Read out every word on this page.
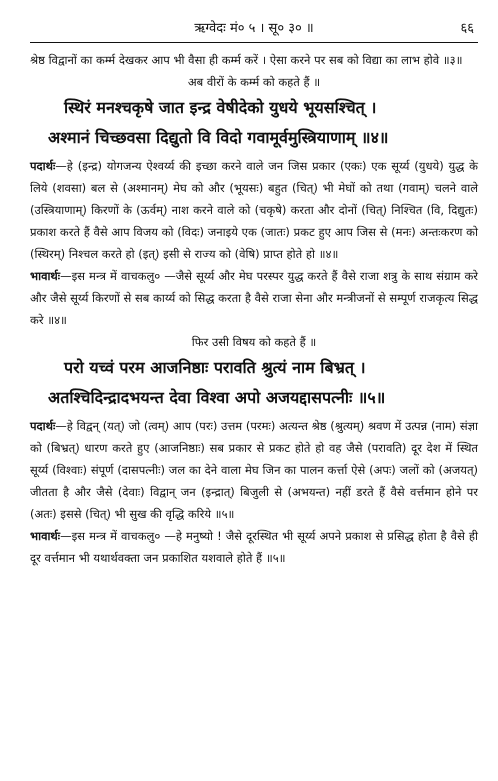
ऋग्वेदः मं० ५ । सू० ३० ॥	६६

श्रेष्ठ विद्वानों का कर्म्म देखकर आप भी वैसा ही कर्म्म करें । ऐसा करने पर सब को विद्या का लाभ होवे ॥३॥

अब वीरों के कर्म्म को कहते हैं ॥

स्थिरं मनश्चकृषे जात इन्द्र वेषीदेको युधये भूयसश्चित् ।
अश्मानं चिच्छवसा दिद्युतो वि विदो गवामूर्वमुस्त्रियाणाम् ॥४॥

पदार्थः—हे (इन्द्र) योगजन्य ऐश्वर्य्य की इच्छा करने वाले जन जिस प्रकार (एकः) एक सूर्य्य (युधये) युद्ध के लिये (शवसा) बल से (अश्मानम्) मेघ को और (भूयसः) बहुत (चित्) भी मेघों को तथा (गवाम्) चलने वाले (उस्त्रियाणाम्) किरणों के (ऊर्वम्) नाश करने वाले को (चकृषे) करता और दोनों (चित्) निश्चित (वि, दिद्युतः) प्रकाश करते हैं वैसे आप विजय को (विदः) जनाइये एक (जातः) प्रकट हुए आप जिस से (मनः) अन्तःकरण को (स्थिरम्) निश्चल करते हो (इत्) इसी से राज्य को (वेषि) प्राप्त होते हो ॥४॥

भावार्थः—इस मन्त्र में वाचकलु० —जैसे सूर्य्य और मेघ परस्पर युद्ध करते हैं वैसे राजा शत्रु के साथ संग्राम करे और जैसे सूर्य्य किरणों से सब कार्य्य को सिद्ध करता है वैसे राजा सेना और मन्त्रीजनों से सम्पूर्ण राजकृत्य सिद्ध करे ॥४॥

फिर उसी विषय को कहते हैं ॥

परो यच्वं परम आजनिष्ठाः परावति श्रुत्यं नाम बिभ्रत् ।
अतश्चिदिन्द्रादभयन्त देवा विश्वा अपो अजयद्दासपत्नीः ॥५॥

पदार्थः—हे विद्वन् (यत्) जो (त्वम्) आप (परः) उत्तम (परमः) अत्यन्त श्रेष्ठ (श्रुत्यम्) श्रवण में उत्पन्न (नाम) संज्ञा को (बिभ्रत्) धारण करते हुए (आजनिष्ठाः) सब प्रकार से प्रकट होते हो वह जैसे (परावति) दूर देश में स्थित सूर्य्य (विश्वाः) संपूर्ण (दासपत्नीः) जल का देने वाला मेघ जिन का पालन कर्त्ता ऐसे (अपः) जलों को (अजयत्) जीतता है और जैसे (देवाः) विद्वान् जन (इन्द्रात्) बिजुली से (अभयन्त) नहीं डरते हैं वैसे वर्त्तमान होने पर (अतः) इससे (चित्) भी सुख की वृद्धि करिये ॥५॥

भावार्थः—इस मन्त्र में वाचकलु० —हे मनुष्यो ! जैसे दूरस्थित भी सूर्य्य अपने प्रकाश से प्रसिद्ध होता है वैसे ही दूर वर्त्तमान भी यथार्थवक्ता जन प्रकाशित यशवाले होते हैं ॥५॥
